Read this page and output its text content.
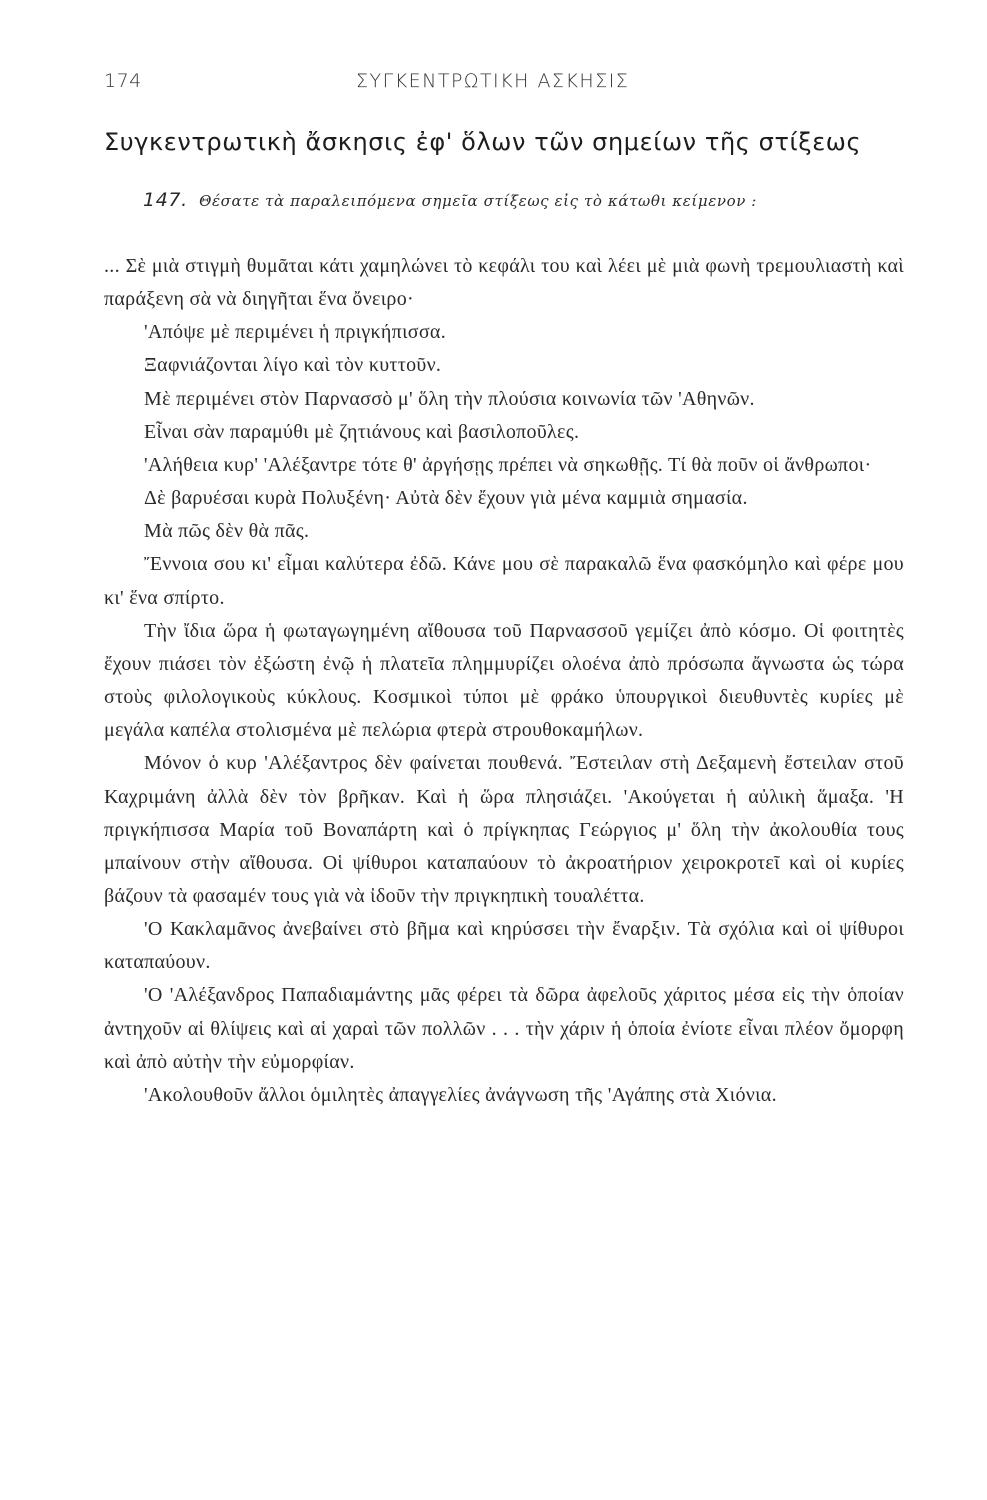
174	ΣΥΓΚΕΝΤΡΩΤΙΚΗ ΑΣΚΗΣΙΣ
Συγκεντρωτικὴ ἄσκησις ἐφ' ὅλων τῶν σημείων τῆς στίξεως
147. Θέσατε τὰ παραλειπόμενα σημεῖα στίξεως εἰς τὸ κάτωθι κείμενον :

... Σὲ μιὰ στιγμὴ θυμᾶται κάτι χαμηλώνει τὸ κεφάλι του καὶ λέει μὲ μιὰ φωνὴ τρεμουλιαστὴ καὶ παράξενη σὰ νὰ διηγῆται ἕνα ὄνειρο·

'Απόψε μὲ περιμένει ἡ πριγκήπισσα.

Ξαφνιάζονται λίγο καὶ τὸν κυττοῦν.

Μὲ περιμένει στὸν Παρνασσὸ μ' ὅλη τὴν πλούσια κοινωνία τῶν 'Αθηνῶν.

Εἶναι σὰν παραμύθι μὲ ζητιάνους καὶ βασιλοποῦλες.

'Αλήθεια κυρ' 'Αλέξαντρε τότε θ' ἀργήσῃς πρέπει νὰ σηκωθῇς. Τί θὰ ποῦν οἱ ἄνθρωποι·

Δὲ βαρυέσαι κυρὰ Πολυξένη· Αὐτὰ δὲν ἔχουν γιὰ μένα καμμιὰ σημασία.

Μὰ πῶς δὲν θὰ πᾶς.

Ἔννοια σου κι' εἶμαι καλύτερα ἐδῶ. Κάνε μου σὲ παρακαλῶ ἕνα φασκόμηλο καὶ φέρε μου κι' ἕνα σπίρτο.

Τὴν ἴδια ὥρα ἡ φωταγωγημένη αἴθουσα τοῦ Παρνασσοῦ γεμίζει ἀπὸ κόσμο. Οἱ φοιτητὲς ἔχουν πιάσει τὸν ἐξώστη ἐνῷ ἡ πλατεῖα πλημμυρίζει ολοένα ἀπὸ πρόσωπα ἄγνωστα ὡς τώρα στοὺς φιλολογικοὺς κύκλους. Κοσμικοὶ τύποι μὲ φράκο ὑπουργικοὶ διευθυντὲς κυρίες μὲ μεγάλα καπέλα στολισμένα μὲ πελώρια φτερὰ στρουθοκαμήλων.

Μόνον ὁ κυρ 'Αλέξαντρος δὲν φαίνεται πουθενά. Ἔστειλαν στὴ Δεξαμενὴ ἔστειλαν στοῦ Καχριμάνη ἀλλὰ δὲν τὸν βρῆκαν. Καὶ ἡ ὥρα πλησιάζει. 'Ακούγεται ἡ αὐλικὴ ἅμαξα. 'Η πριγκήπισσα Μαρία τοῦ Βοναπάρτη καὶ ὁ πρίγκηπας Γεώργιος μ' ὅλη τὴν ἀκολουθία τους μπαίνουν στὴν αἴθουσα. Οἱ ψίθυροι καταπαύουν τὸ ἀκροατήριον χειροκροτεῖ καὶ οἱ κυρίες βάζουν τὰ φασαμέν τους γιὰ νὰ ἰδοῦν τὴν πριγκηπικὴ τουαλέττα.

'Ο Κακλαμᾶνος ἀνεβαίνει στὸ βῆμα καὶ κηρύσσει τὴν ἔναρξιν. Τὰ σχόλια καὶ οἱ ψίθυροι καταπαύουν.

'Ο 'Αλέξανδρος Παπαδιαμάντης μᾶς φέρει τὰ δῶρα ἀφελοῦς χάριτος μέσα εἰς τὴν ὁποίαν ἀντηχοῦν αἱ θλίψεις καὶ αἱ χαραὶ τῶν πολλῶν . . . τὴν χάριν ἡ ὁποία ἐνίοτε εἶναι πλέον ὄμορφη καὶ ἀπὸ αὐτὴν τὴν εὐμορφίαν.

'Ακολουθοῦν ἄλλοι ὁμιλητὲς ἀπαγγελίες ἀνάγνωση τῆς 'Αγάπης στὰ Χιόνια.
